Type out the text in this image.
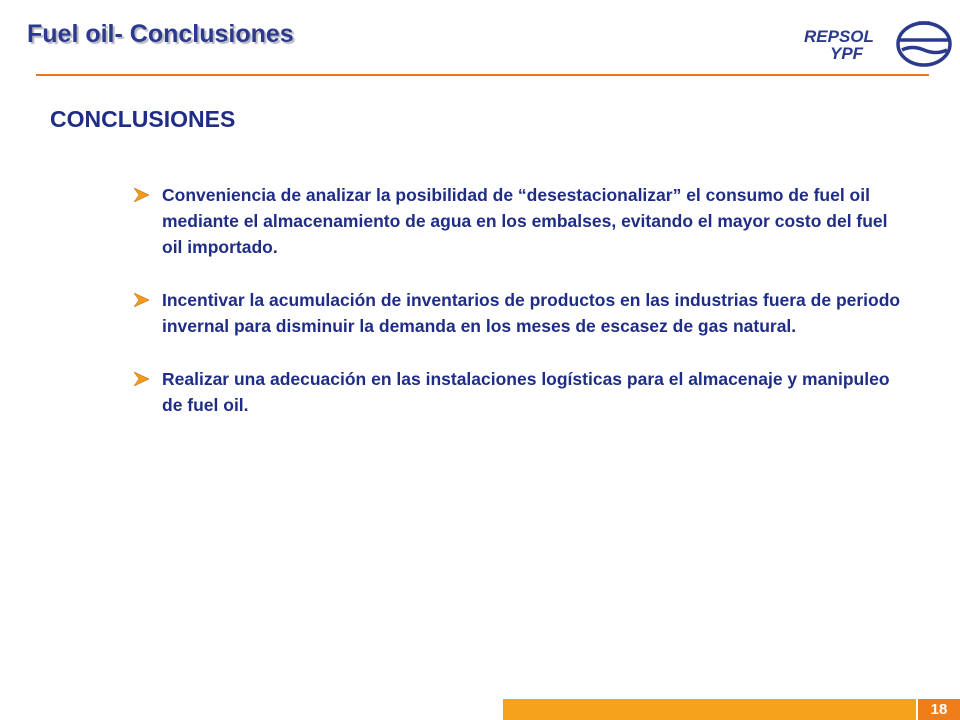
Fuel oil- Conclusiones	REPSOL
YPF
CONCLUSIONES
Conveniencia de analizar la posibilidad de “desestacionalizar” el consumo de fuel oil mediante el almacenamiento de agua en los embalses, evitando el mayor costo del fuel oil importado.
Incentivar la acumulación de inventarios de productos en las industrias fuera de periodo invernal para disminuir la demanda en los meses de escasez de gas natural.
Realizar una adecuación en las instalaciones logísticas para el almacenaje y manipuleo de fuel oil.
18
